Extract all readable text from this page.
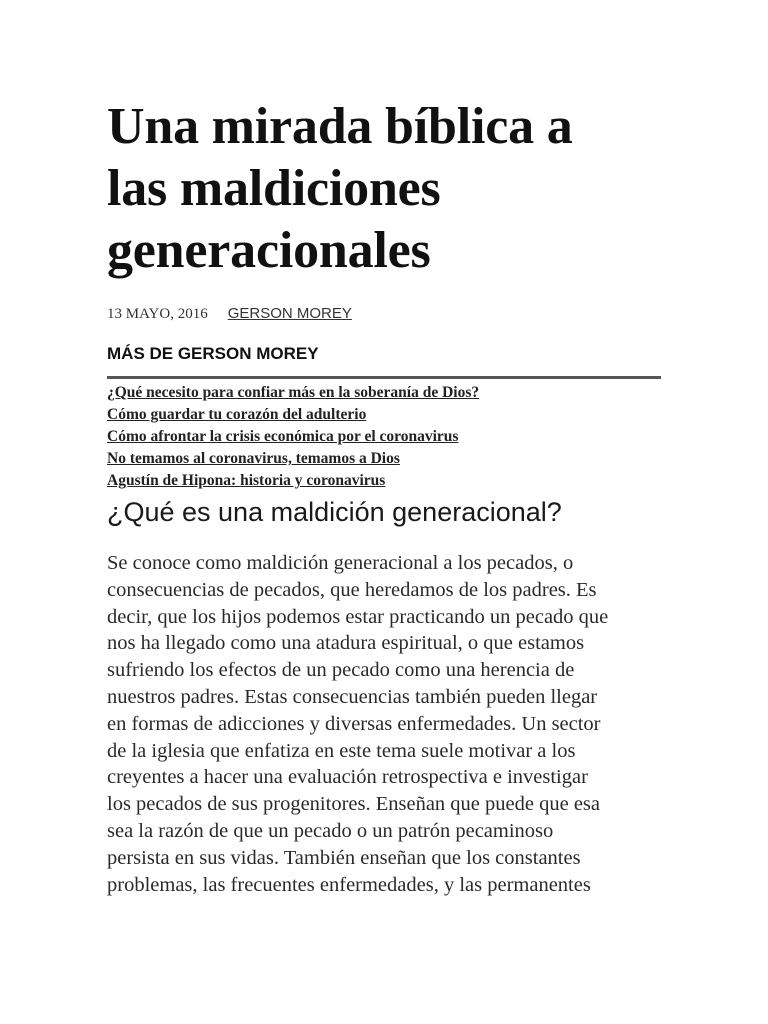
Una mirada bíblica a
las maldiciones
generacionales
13 MAYO, 2016 GERSON MOREY
MÁS DE GERSON MOREY
¿Qué necesito para confiar más en la soberanía de Dios?
Cómo guardar tu corazón del adulterio
Cómo afrontar la crisis económica por el coronavirus
No temamos al coronavirus, temamos a Dios
Agustín de Hipona: historia y coronavirus
¿Qué es una maldición generacional?

Se conoce como maldición generacional a los pecados, o
consecuencias de pecados, que heredamos de los padres. Es
decir, que los hijos podemos estar practicando un pecado que
nos ha llegado como una atadura espiritual, o que estamos
sufriendo los efectos de un pecado como una herencia de
nuestros padres. Estas consecuencias también pueden llegar
en formas de adicciones y diversas enfermedades. Un sector
de la iglesia que enfatiza en este tema suele motivar a los
creyentes a hacer una evaluación retrospectiva e investigar
los pecados de sus progenitores. Enseñan que puede que esa
sea la razón de que un pecado o un patrón pecaminoso
persista en sus vidas. También enseñan que los constantes
problemas, las frecuentes enfermedades, y las permanentes
